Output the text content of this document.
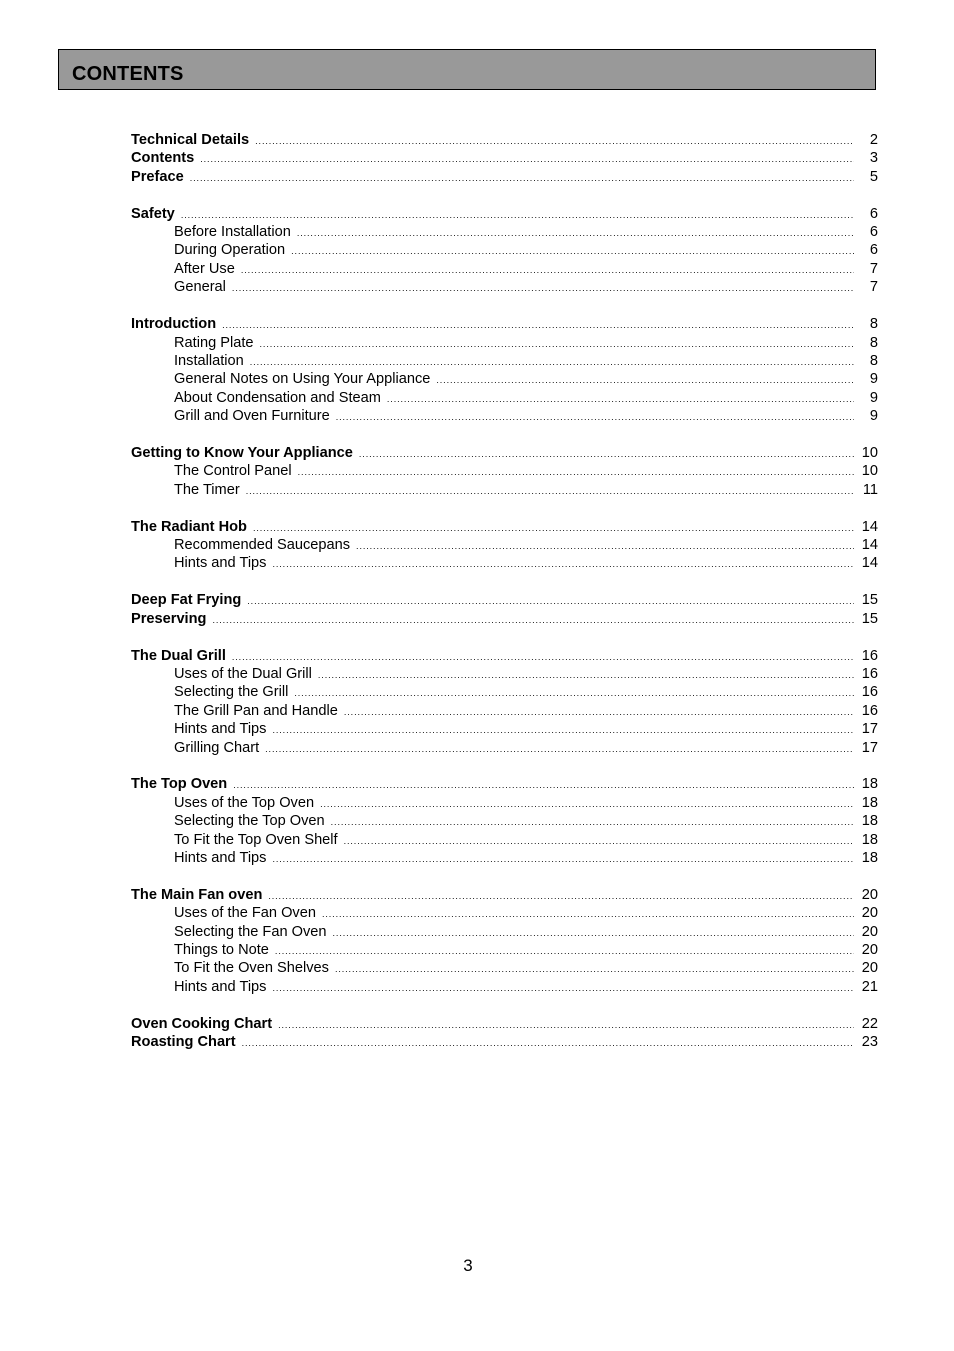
CONTENTS
Technical Details .....	2
Contents .....	3
Preface .....	5
Safety .....	6
Before Installation .....	6
During Operation .....	6
After Use .....	7
General .....	7
Introduction .....	8
Rating Plate .....	8
Installation .....	8
General Notes on Using Your Appliance .....	9
About Condensation and Steam .....	9
Grill and Oven Furniture .....	9
Getting to Know Your Appliance .....	10
The Control Panel .....	10
The Timer .....	11
The Radiant Hob .....	14
Recommended Saucepans .....	14
Hints and Tips .....	14
Deep Fat Frying .....	15
Preserving .....	15
The Dual Grill .....	16
Uses of the Dual Grill .....	16
Selecting the Grill .....	16
The Grill Pan and Handle .....	16
Hints and Tips .....	17
Grilling Chart .....	17
The Top Oven .....	18
Uses of the Top Oven .....	18
Selecting the Top Oven .....	18
To Fit the Top Oven Shelf .....	18
Hints and Tips .....	18
The Main Fan oven .....	20
Uses of the Fan Oven .....	20
Selecting the Fan Oven .....	20
Things to Note .....	20
To Fit the Oven Shelves .....	20
Hints and Tips .....	21
Oven Cooking Chart .....	22
Roasting Chart .....	23
3
